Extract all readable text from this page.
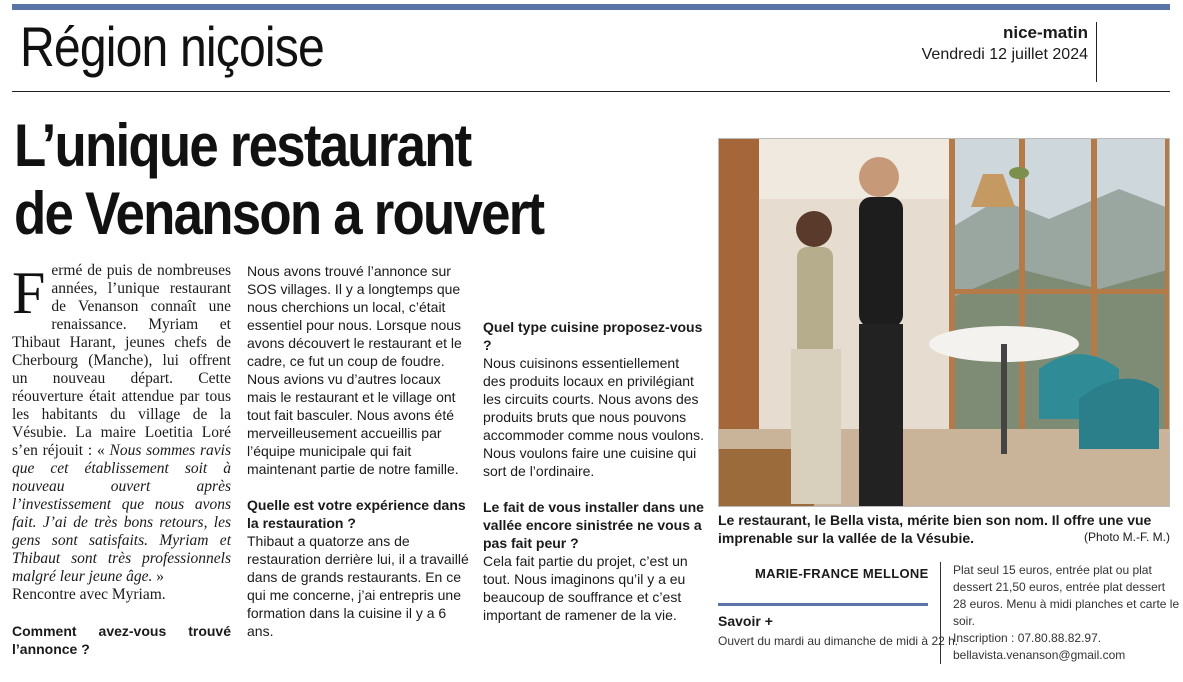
Région niçoise	nice-matin
Vendredi 12 juillet 2024
L’unique restaurant
de Venanson a rouvert
F ermé de puis de nombreuses années, l’unique restaurant de Venanson connaît une renaissance. Myriam et Thibaut Harant, jeunes chefs de Cherbourg (Manche), lui offrent un nouveau départ. Cette réouverture était attendue par tous les habitants du village de la Vésubie. La maire Loetitia Loré s’en réjouit : « Nous sommes ravis que cet établissement soit à nouveau ouvert après l’investissement que nous avons fait. J’ai de très bons retours, les gens sont satisfaits. Myriam et Thibaut sont très professionnels malgré leur jeune âge. »

Rencontre avec Myriam.

Comment avez-vous trouvé l’annonce ?

Nous avons trouvé l’annonce sur SOS villages. Il y a longtemps que nous cherchions un local, c’était essentiel pour nous. Lorsque nous avons découvert le restaurant et le cadre, ce fut un coup de foudre. Nous avions vu d’autres locaux mais le restaurant et le village ont tout fait basculer. Nous avons été merveilleusement accueillis par l’équipe municipale qui fait maintenant partie de notre famille.

Quelle est votre expérience dans la restauration ?

Thibaut a quatorze ans de restauration derrière lui, il a travaillé dans de grands restaurants. En ce qui me concerne, j’ai entrepris une formation dans la cuisine il y a 6 ans.

Quel type cuisine proposez-vous ?

Nous cuisinons essentiellement des produits locaux en privilégiant les circuits courts. Nous avons des produits bruts que nous pouvons accommoder comme nous voulons. Nous voulons faire une cuisine qui sort de l’ordinaire.

Le fait de vous installer dans une vallée encore sinistrée ne vous a pas fait peur ?

Cela fait partie du projet, c’est un tout. Nous imaginons qu’il y a eu beaucoup de souffrance et c’est important de ramener de la vie.

Le restaurant, le Bella vista, mérite bien son nom. Il offre une vue imprenable sur la vallée de la Vésubie.	(Photo M.-F. M.)
MARIE-FRANCE MELLONE Plat seul 15 euros, entrée plat ou plat dessert 21,50 euros, entrée plat dessert 28 euros. Menu à midi planches et carte le soir.

Inscription : 07.80.88.82.97.

bellavista.venanson@gmail.com

Savoir +
Ouvert du mardi au dimanche de midi à 22 h.
